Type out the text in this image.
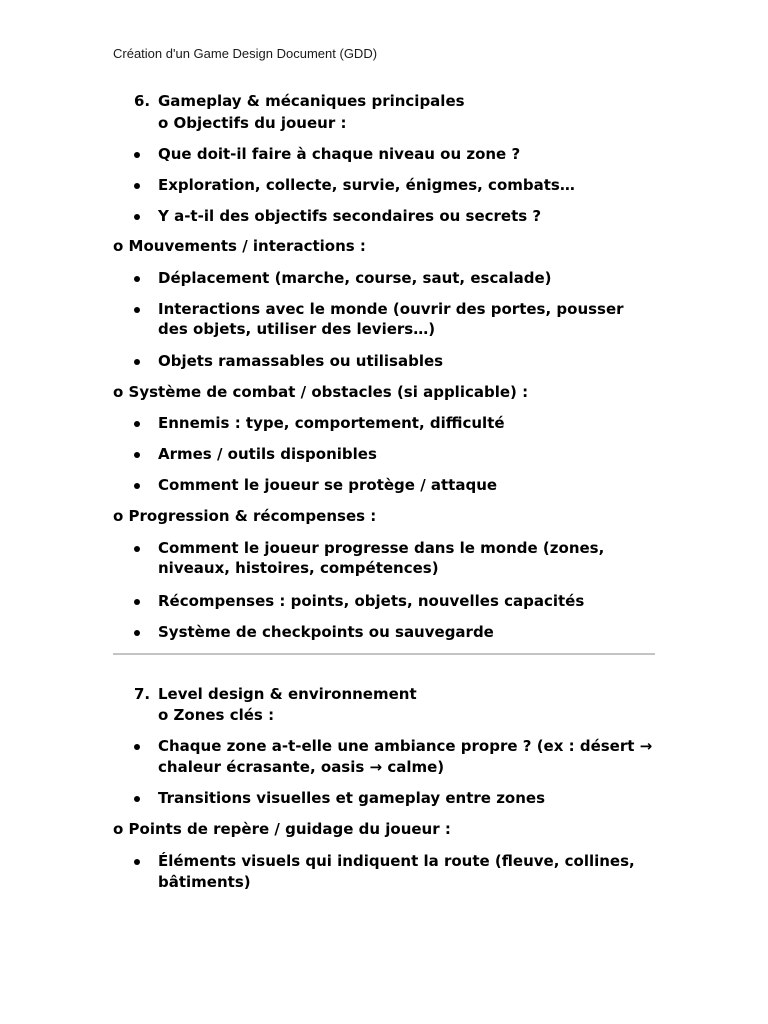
Création d'un Game Design Document (GDD)
6. Gameplay & mécaniques principales
o Objectifs du joueur :
Que doit-il faire à chaque niveau ou zone ?
Exploration, collecte, survie, énigmes, combats…
Y a-t-il des objectifs secondaires ou secrets ?
o Mouvements / interactions :
Déplacement (marche, course, saut, escalade)
Interactions avec le monde (ouvrir des portes, pousser
des objets, utiliser des leviers…)
Objets ramassables ou utilisables
o Système de combat / obstacles (si applicable) :
Ennemis : type, comportement, difficulté
Armes / outils disponibles
Comment le joueur se protège / attaque
o Progression & récompenses :
Comment le joueur progresse dans le monde (zones,
niveaux, histoires, compétences)
Récompenses : points, objets, nouvelles capacités
Système de checkpoints ou sauvegarde
7. Level design & environnement
o Zones clés :
Chaque zone a-t-elle une ambiance propre ? (ex : désert →
chaleur écrasante, oasis → calme)
Transitions visuelles et gameplay entre zones
o Points de repère / guidage du joueur :
Éléments visuels qui indiquent la route (fleuve, collines,
bâtiments)
